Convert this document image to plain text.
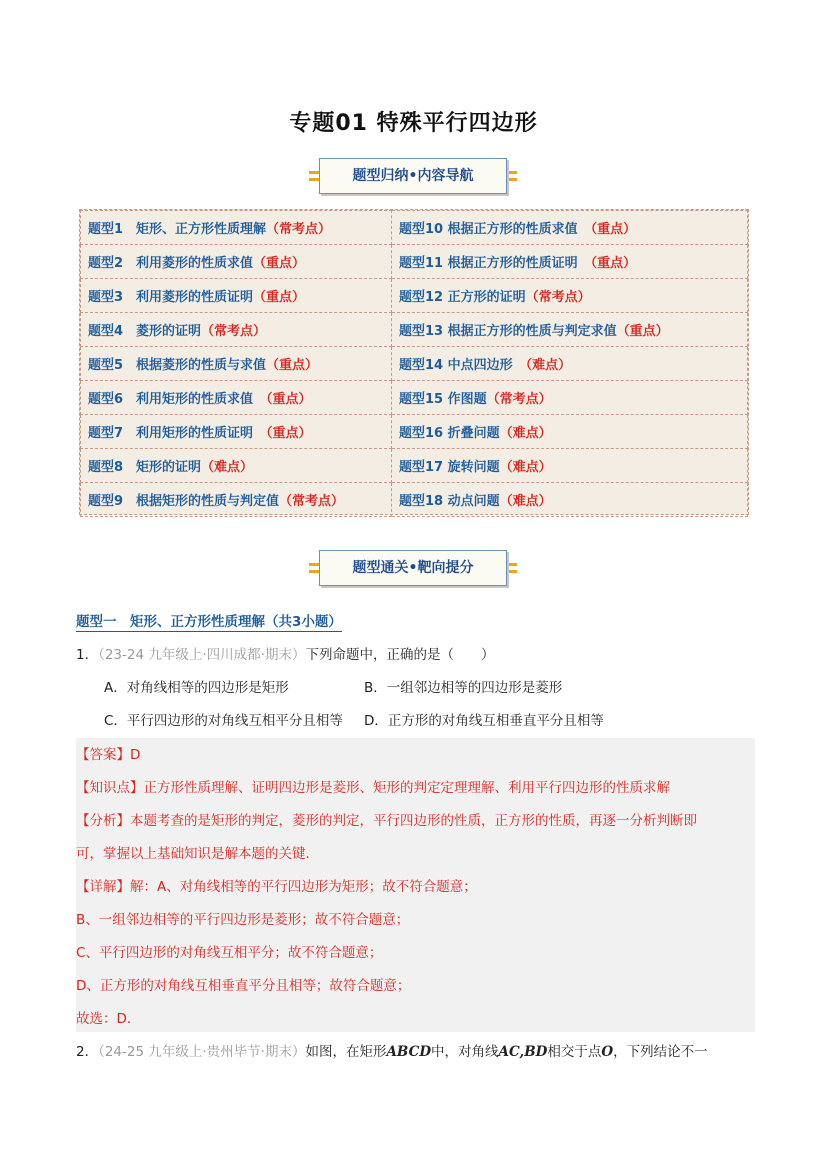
专题01 特殊平行四边形
题型归纳•内容导航
题型1　矩形、正方形性质理解（常考点）	题型10 根据正方形的性质求值　（重点）
题型2　利用菱形的性质求值（重点）	题型11 根据正方形的性质证明　（重点）
题型3　利用菱形的性质证明（重点）	题型12 正方形的证明（常考点）
题型4　菱形的证明（常考点）	题型13 根据正方形的性质与判定求值（重点）
题型5　根据菱形的性质与求值（重点）	题型14 中点四边形　（难点）
题型6　利用矩形的性质求值　（重点）	题型15 作图题（常考点）
题型7　利用矩形的性质证明　（重点）	题型16 折叠问题（难点）
题型8　矩形的证明（难点）	题型17 旋转问题（难点）
题型9　根据矩形的性质与判定值（常考点）	题型18 动点问题（难点）
题型通关•靶向提分
题型一　矩形、正方形性质理解（共3小题）
1．（23-24 九年级上·四川成都·期末）下列命题中，正确的是（　　）
A．对角线相等的四边形是矩形	B．一组邻边相等的四边形是菱形
C．平行四边形的对角线互相平分且相等 D．正方形的对角线互相垂直平分且相等
【答案】D
【知识点】正方形性质理解、证明四边形是菱形、矩形的判定定理理解、利用平行四边形的性质求解
【分析】本题考查的是矩形的判定，菱形的判定，平行四边形的性质，正方形的性质，再逐一分析判断即
可，掌握以上基础知识是解本题的关键．
【详解】解：A、对角线相等的平行四边形为矩形；故不符合题意；
B、一组邻边相等的平行四边形是菱形；故不符合题意；
C、平行四边形的对角线互相平分；故不符合题意；
D、正方形的对角线互相垂直平分且相等；故符合题意；
故选：D．
2．（24-25 九年级上·贵州毕节·期末）如图，在矩形ABCD中，对角线AC,BD相交于点O，下列结论不一
